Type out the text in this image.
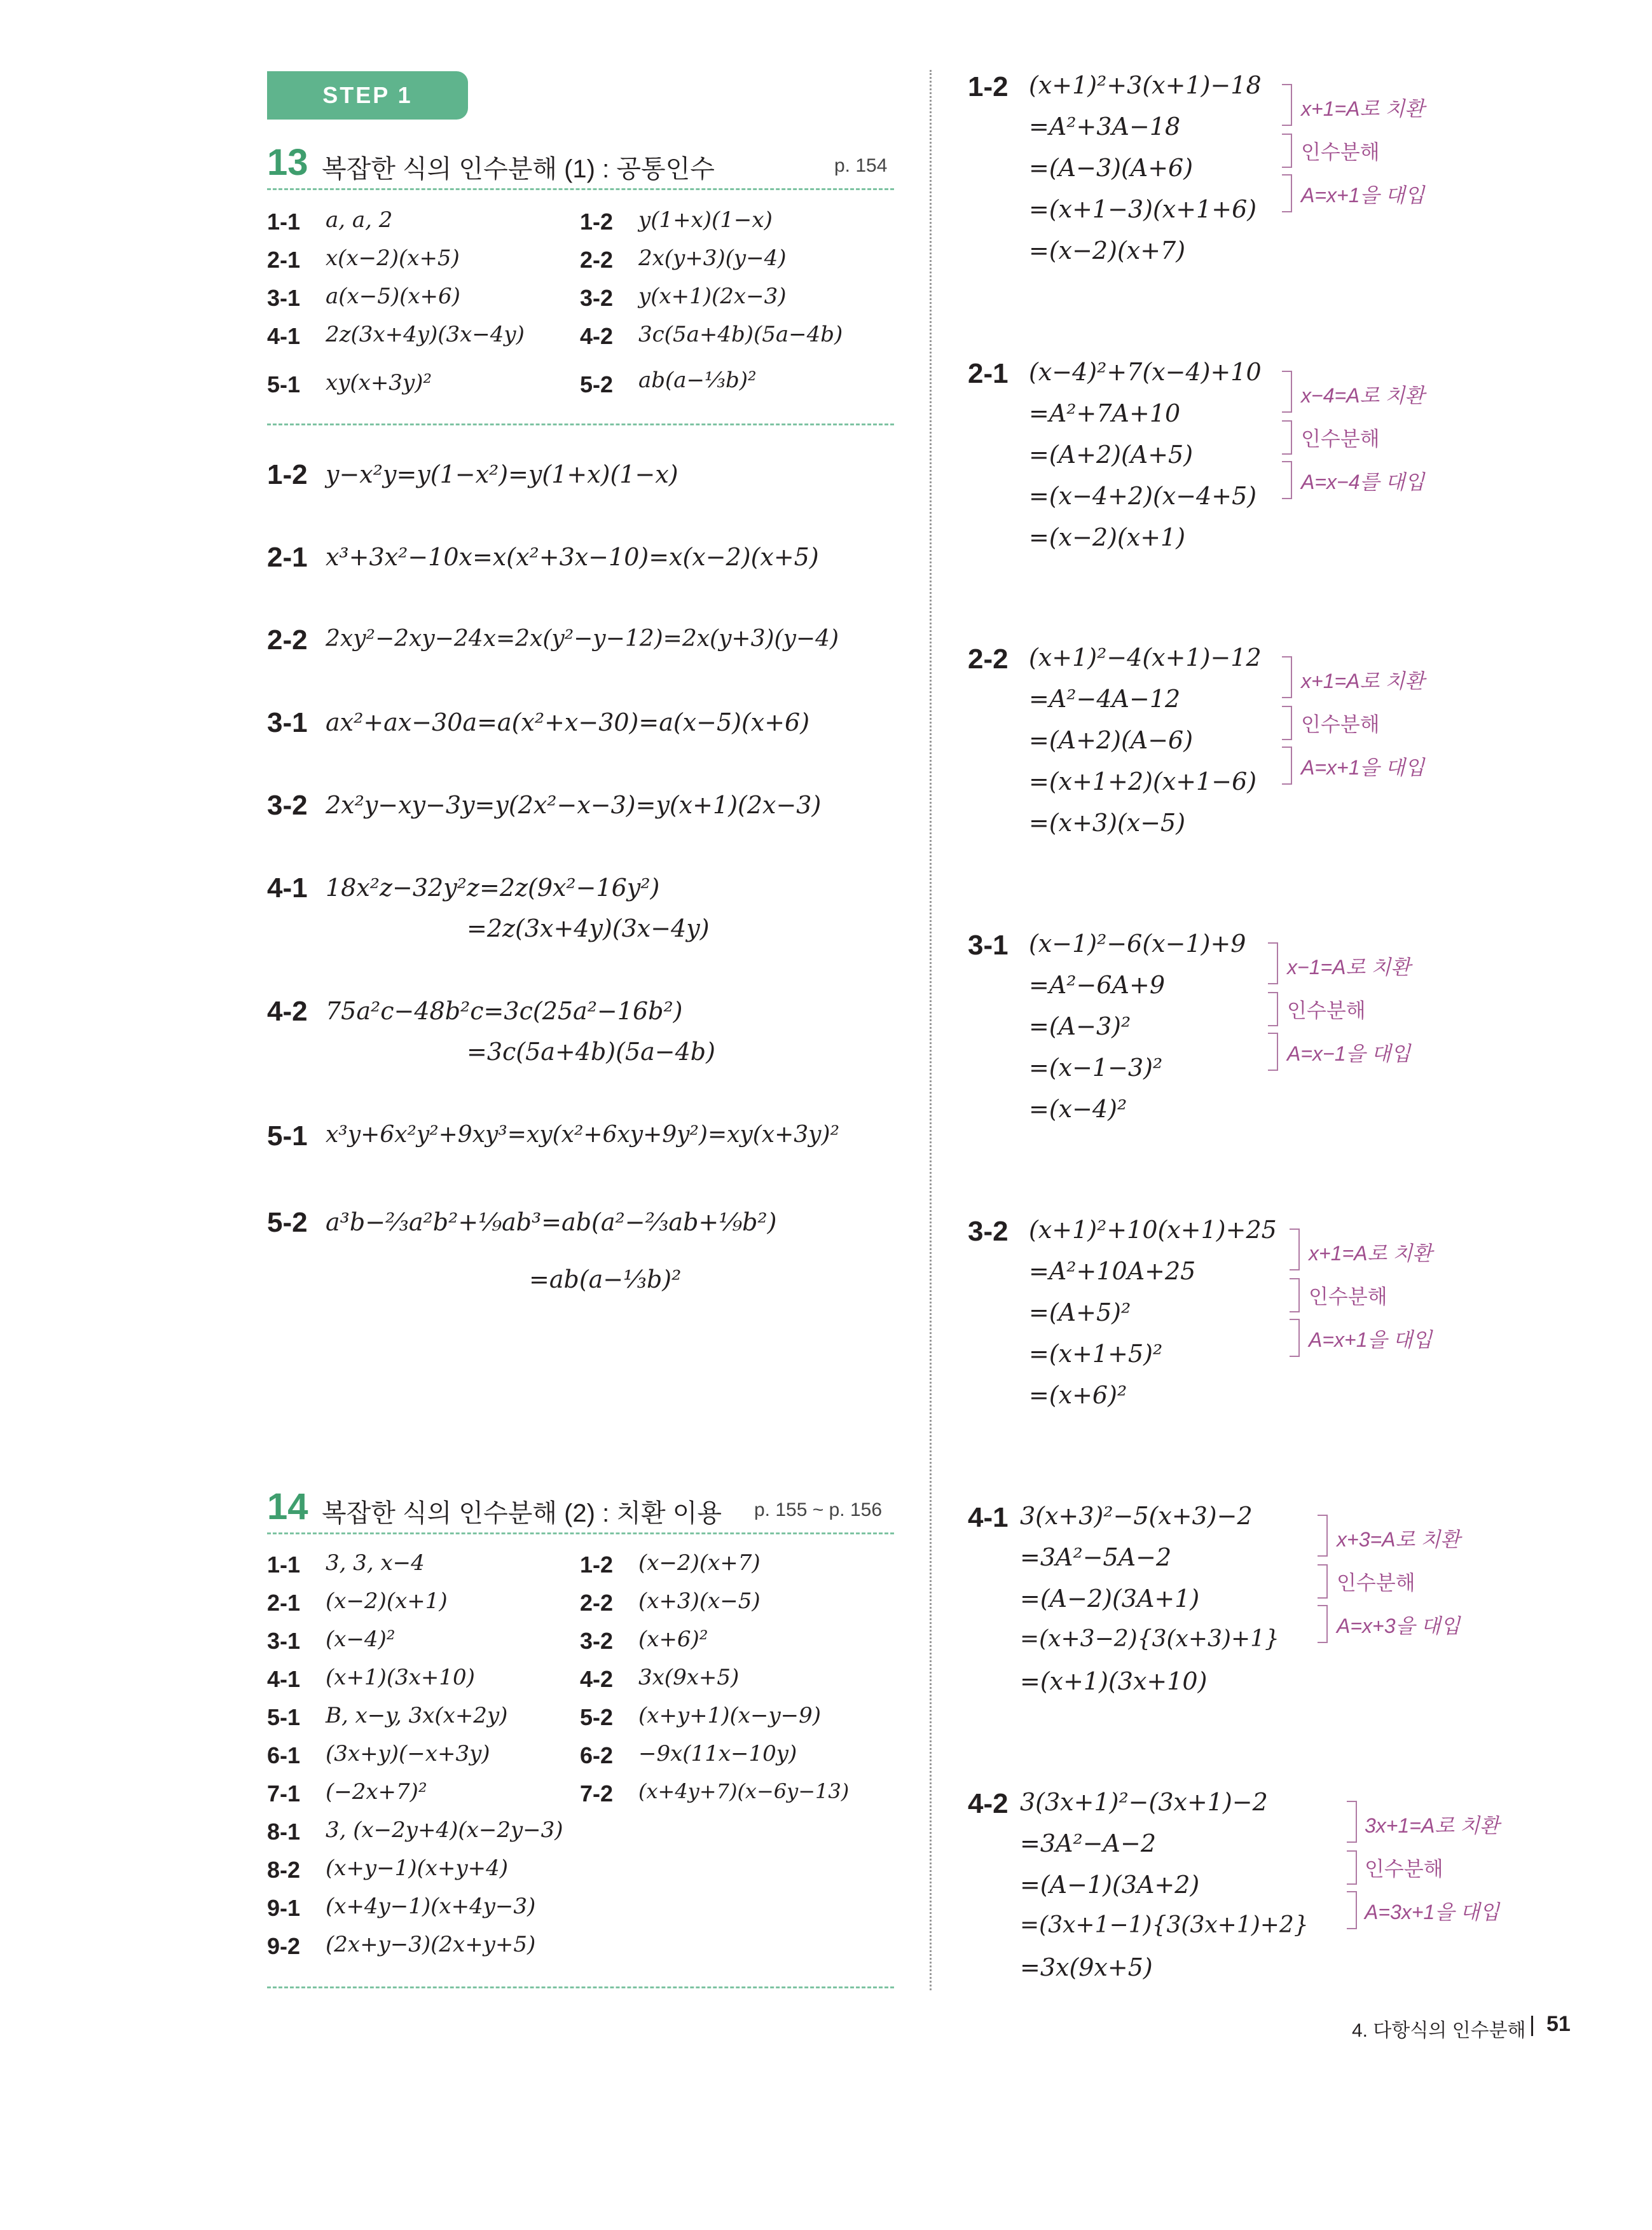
STEP 1
13 복잡한 식의 인수분해 (1) : 공통인수	p. 154
1-1 a, a, 2	1-2 y(1+x)(1−x)
2-1 x(x−2)(x+5)	2-2 2x(y+3)(y−4)
3-1 a(x−5)(x+6)	3-2 y(x+1)(2x−3)
4-1 2z(3x+4y)(3x−4y) 4-2 3c(5a+4b)(5a−4b)
5-1 xy(x+3y)²	5-2 ab(a−⅓b)²
1-2 y−x²y=y(1−x²)=y(1+x)(1−x)
2-1 x³+3x²−10x=x(x²+3x−10)=x(x−2)(x+5)
2-2 2xy²−2xy−24x=2x(y²−y−12)=2x(y+3)(y−4)
3-1 ax²+ax−30a=a(x²+x−30)=a(x−5)(x+6)
3-2 2x²y−xy−3y=y(2x²−x−3)=y(x+1)(2x−3)
4-1 18x²z−32y²z=2z(9x²−16y²)
=2z(3x+4y)(3x−4y)
4-2 75a²c−48b²c=3c(25a²−16b²)
=3c(5a+4b)(5a−4b)
5-1 x³y+6x²y²+9xy³=xy(x²+6xy+9y²)=xy(x+3y)²
5-2 a³b−⅔a²b²+⅑ab³=ab(a²−⅔ab+⅑b²)
=ab(a−⅓b)²
14 복잡한 식의 인수분해 (2) : 치환 이용 p. 155 ~ p. 156
1-1 3, 3, x−4	1-2 (x−2)(x+7)
2-1 (x−2)(x+1)	2-2 (x+3)(x−5)
3-1 (x−4)²	3-2 (x+6)²
4-1 (x+1)(3x+10)	4-2 3x(9x+5)
5-1 B, x−y, 3x(x+2y)	5-2 (x+y+1)(x−y−9)
6-1 (3x+y)(−x+3y)	6-2 −9x(11x−10y)
7-1 (−2x+7)²	7-2 (x+4y+7)(x−6y−13)
8-1 3, (x−2y+4)(x−2y−3)
8-2 (x+y−1)(x+y+4)
9-1 (x+4y−1)(x+4y−3)
9-2 (2x+y−3)(2x+y+5)
1-2 (x+1)²+3(x+1)−18
=A²+3A−18
=(A−3)(A+6)
=(x+1−3)(x+1+6)
=(x−2)(x+7)
x+1=A로 치환
인수분해
A=x+1을 대입
2-1 (x−4)²+7(x−4)+10
=A²+7A+10
=(A+2)(A+5)
=(x−4+2)(x−4+5)
=(x−2)(x+1)
x−4=A로 치환
인수분해
A=x−4를 대입
2-2 (x+1)²−4(x+1)−12
=A²−4A−12
=(A+2)(A−6)
=(x+1+2)(x+1−6)
=(x+3)(x−5)
x+1=A로 치환
인수분해
A=x+1을 대입
3-1 (x−1)²−6(x−1)+9
=A²−6A+9
=(A−3)²
=(x−1−3)²
=(x−4)²
x−1=A로 치환
인수분해
A=x−1을 대입
3-2 (x+1)²+10(x+1)+25
=A²+10A+25
=(A+5)²
=(x+1+5)²
=(x+6)²
x+1=A로 치환
인수분해
A=x+1을 대입
4-1 3(x+3)²−5(x+3)−2
=3A²−5A−2
=(A−2)(3A+1)
=(x+3−2){3(x+3)+1}
=(x+1)(3x+10)
x+3=A로 치환
인수분해
A=x+3을 대입
4-2 3(3x+1)²−(3x+1)−2
=3A²−A−2
=(A−1)(3A+2)
=(3x+1−1){3(3x+1)+2}
=3x(9x+5)
3x+1=A로 치환
인수분해
A=3x+1을 대입
4. 다항식의 인수분해 51
